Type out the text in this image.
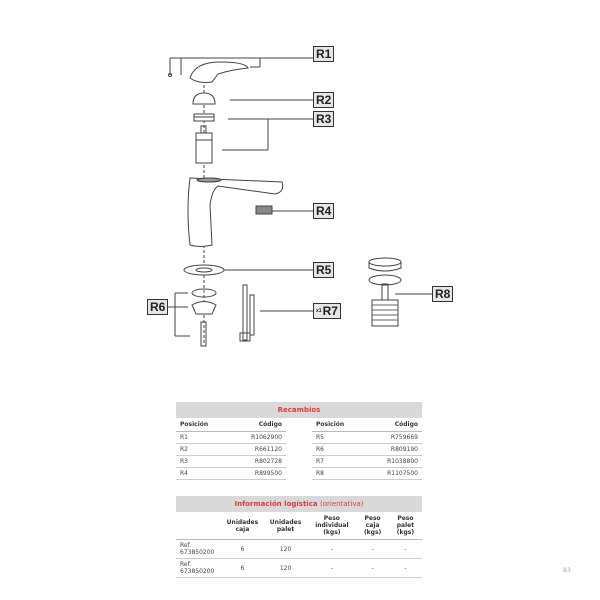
R1
R2
R3
R4
R5
R6	$^{x1}$R7
R8
Recambios				
Posición	Código		Posición	Código
R1	R1062900		R5	R759669
R2	R661120		R6	R809190
R3	R802728		R7	R1038800
R4	R899500		R8	R1107500
Información logística (orientativa)					
	Unidades caja	Unidades palet	Peso individual (kgs)	Peso caja (kgs)	Peso palet (kgs)
Ref. 673850200	6	120	-	-	-
Ref. 673850200	6	120	-	-	-	83
